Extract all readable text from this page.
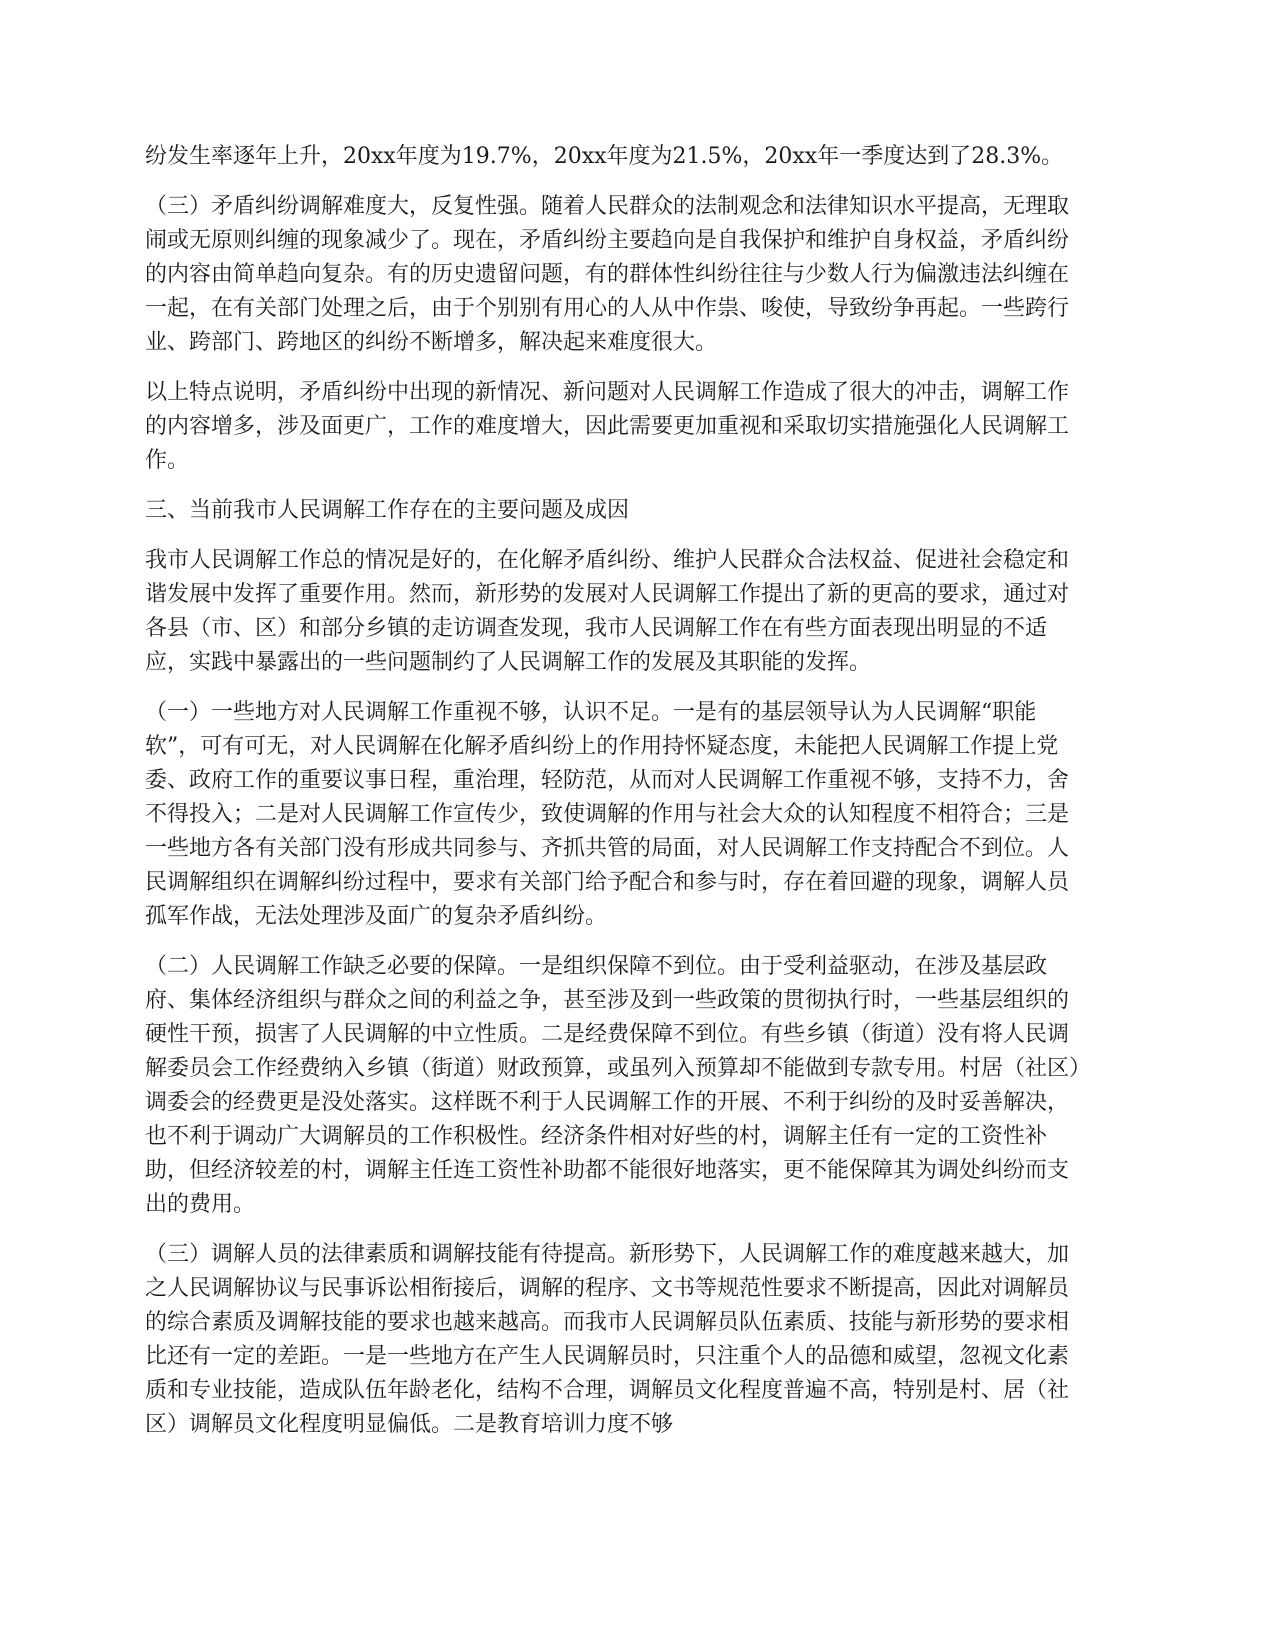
纷发生率逐年上升，20xx年度为19.7%，20xx年度为21.5%，20xx年一季度达到了28.3%。

（三）矛盾纠纷调解难度大，反复性强。随着人民群众的法制观念和法律知识水平提高，无理取闹或无原则纠缠的现象减少了。现在，矛盾纠纷主要趋向是自我保护和维护自身权益，矛盾纠纷的内容由简单趋向复杂。有的历史遗留问题，有的群体性纠纷往往与少数人行为偏激违法纠缠在一起，在有关部门处理之后，由于个别别有用心的人从中作祟、唆使，导致纷争再起。一些跨行业、跨部门、跨地区的纠纷不断增多，解决起来难度很大。

以上特点说明，矛盾纠纷中出现的新情况、新问题对人民调解工作造成了很大的冲击，调解工作的内容增多，涉及面更广，工作的难度增大，因此需要更加重视和采取切实措施强化人民调解工作。

三、当前我市人民调解工作存在的主要问题及成因

我市人民调解工作总的情况是好的，在化解矛盾纠纷、维护人民群众合法权益、促进社会稳定和谐发展中发挥了重要作用。然而，新形势的发展对人民调解工作提出了新的更高的要求，通过对各县（市、区）和部分乡镇的走访调查发现，我市人民调解工作在有些方面表现出明显的不适应，实践中暴露出的一些问题制约了人民调解工作的发展及其职能的发挥。

（一）一些地方对人民调解工作重视不够，认识不足。一是有的基层领导认为人民调解“职能软”，可有可无，对人民调解在化解矛盾纠纷上的作用持怀疑态度，未能把人民调解工作提上党委、政府工作的重要议事日程，重治理，轻防范，从而对人民调解工作重视不够，支持不力，舍不得投入；二是对人民调解工作宣传少，致使调解的作用与社会大众的认知程度不相符合；三是一些地方各有关部门没有形成共同参与、齐抓共管的局面，对人民调解工作支持配合不到位。人民调解组织在调解纠纷过程中，要求有关部门给予配合和参与时，存在着回避的现象，调解人员孤军作战，无法处理涉及面广的复杂矛盾纠纷。

（二）人民调解工作缺乏必要的保障。一是组织保障不到位。由于受利益驱动，在涉及基层政府、集体经济组织与群众之间的利益之争，甚至涉及到一些政策的贯彻执行时，一些基层组织的硬性干预，损害了人民调解的中立性质。二是经费保障不到位。有些乡镇（街道）没有将人民调解委员会工作经费纳入乡镇（街道）财政预算，或虽列入预算却不能做到专款专用。村居（社区）调委会的经费更是没处落实。这样既不利于人民调解工作的开展、不利于纠纷的及时妥善解决，也不利于调动广大调解员的工作积极性。经济条件相对好些的村，调解主任有一定的工资性补助，但经济较差的村，调解主任连工资性补助都不能很好地落实，更不能保障其为调处纠纷而支出的费用。

（三）调解人员的法律素质和调解技能有待提高。新形势下，人民调解工作的难度越来越大，加之人民调解协议与民事诉讼相衔接后，调解的程序、文书等规范性要求不断提高，因此对调解员的综合素质及调解技能的要求也越来越高。而我市人民调解员队伍素质、技能与新形势的要求相比还有一定的差距。一是一些地方在产生人民调解员时，只注重个人的品德和威望，忽视文化素质和专业技能，造成队伍年龄老化，结构不合理，调解员文化程度普遍不高，特别是村、居（社区）调解员文化程度明显偏低。二是教育培训力度不够
